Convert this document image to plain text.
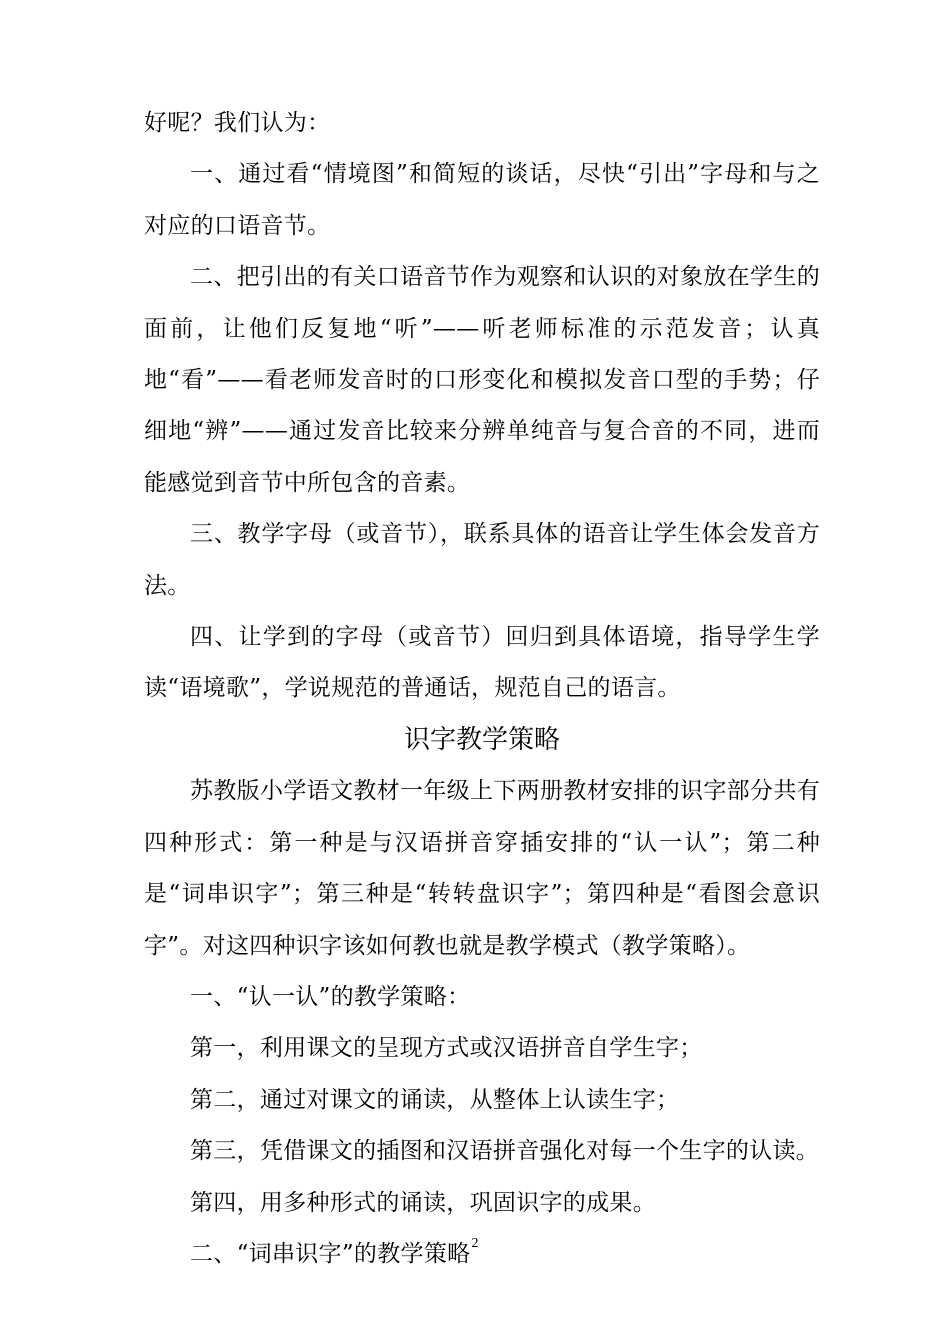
好呢？我们认为：

一、通过看“情境图”和简短的谈话，尽快“引出”字母和与之对应的口语音节。

二、把引出的有关口语音节作为观察和认识的对象放在学生的面前，让他们反复地“听”——听老师标准的示范发音；认真地“看”——看老师发音时的口形变化和模拟发音口型的手势；仔细地“辨”——通过发音比较来分辨单纯音与复合音的不同，进而能感觉到音节中所包含的音素。

三、教学字母（或音节），联系具体的语音让学生体会发音方法。

四、让学到的字母（或音节）回归到具体语境，指导学生学读“语境歌”，学说规范的普通话，规范自己的语言。

识字教学策略

苏教版小学语文教材一年级上下两册教材安排的识字部分共有四种形式：第一种是与汉语拼音穿插安排的“认一认”；第二种是“词串识字”；第三种是“转转盘识字”；第四种是“看图会意识字”。对这四种识字该如何教也就是教学模式（教学策略）。

一、“认一认”的教学策略：

第一，利用课文的呈现方式或汉语拼音自学生字；

第二，通过对课文的诵读，从整体上认读生字；

第三，凭借课文的插图和汉语拼音强化对每一个生字的认读。

第四，用多种形式的诵读，巩固识字的成果。

二、“词串识字”的教学策略 2
